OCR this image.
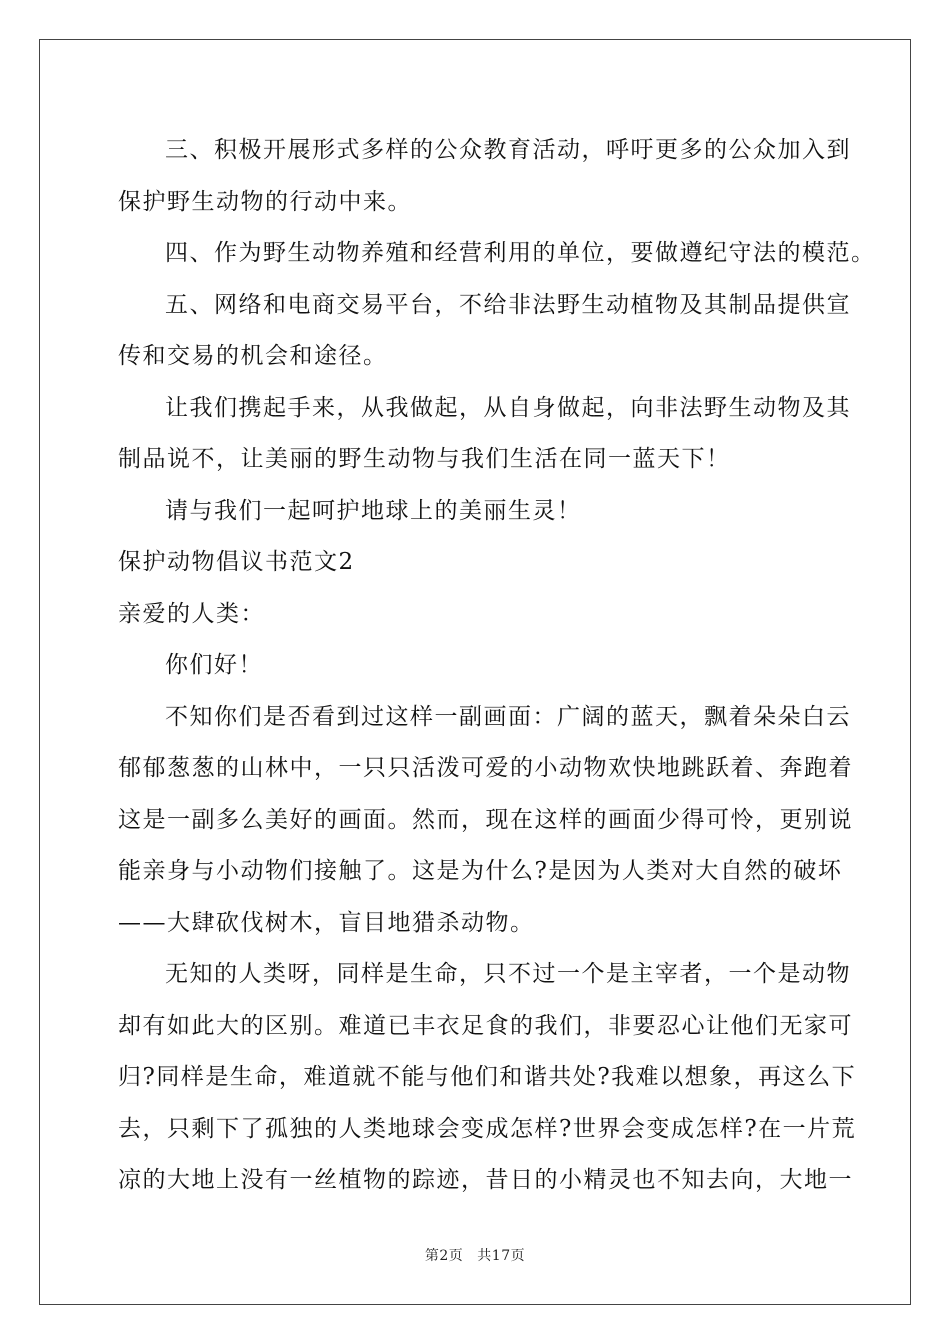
三、积极开展形式多样的公众教育活动，呼吁更多的公众加入到

保护野生动物的行动中来。

四、作为野生动物养殖和经营利用的单位，要做遵纪守法的模范。

五、网络和电商交易平台，不给非法野生动植物及其制品提供宣

传和交易的机会和途径。

让我们携起手来，从我做起，从自身做起，向非法野生动物及其

制品说不，让美丽的野生动物与我们生活在同一蓝天下！

请与我们一起呵护地球上的美丽生灵！

保护动物倡议书范文2

亲爱的人类：

你们好！

不知你们是否看到过这样一副画面：广阔的蓝天，飘着朵朵白云

郁郁葱葱的山林中，一只只活泼可爱的小动物欢快地跳跃着、奔跑着

这是一副多么美好的画面。然而，现在这样的画面少得可怜，更别说

能亲身与小动物们接触了。这是为什么?是因为人类对大自然的破坏

——大肆砍伐树木，盲目地猎杀动物。

无知的人类呀，同样是生命，只不过一个是主宰者，一个是动物

却有如此大的区别。难道已丰衣足食的我们，非要忍心让他们无家可

归?同样是生命，难道就不能与他们和谐共处?我难以想象，再这么下

去，只剩下了孤独的人类地球会变成怎样?世界会变成怎样?在一片荒

凉的大地上没有一丝植物的踪迹，昔日的小精灵也不知去向，大地一

第2页 共17页
